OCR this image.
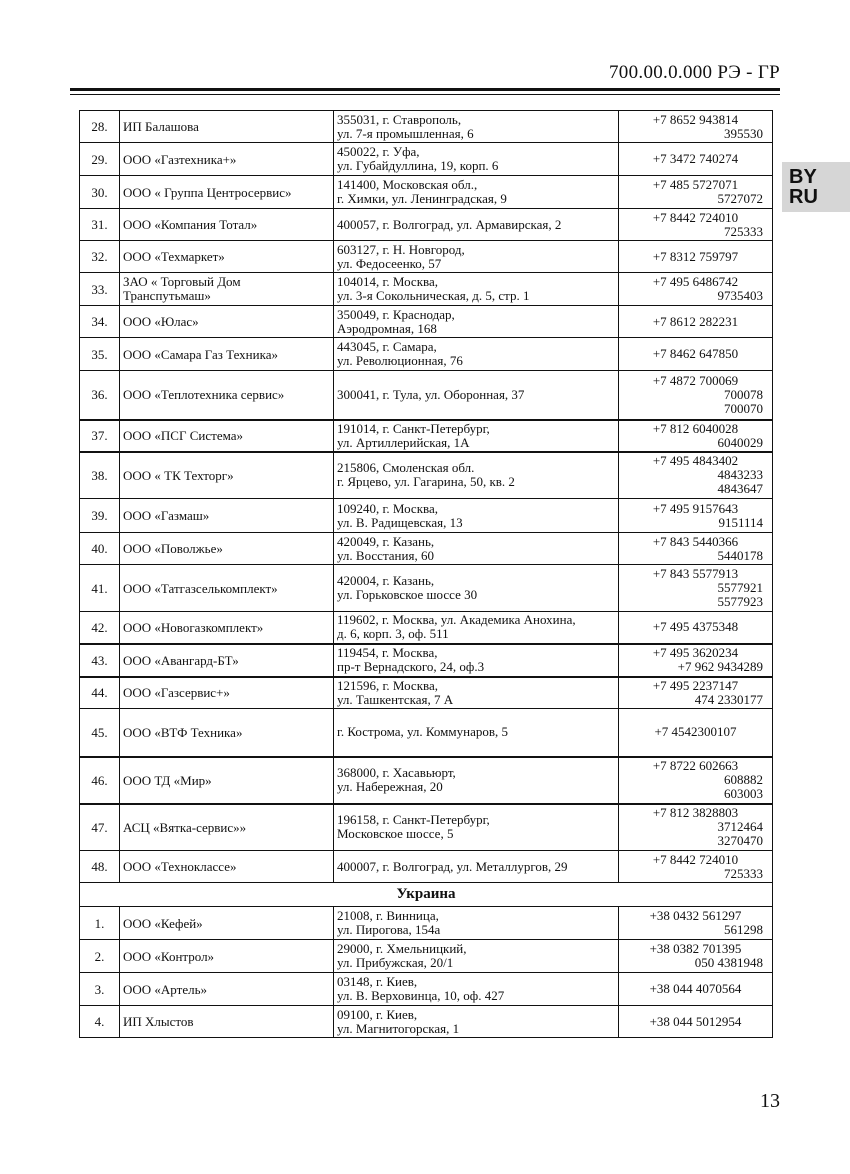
700.00.0.000 РЭ - ГР
BY
RU
28.	ИП Балашова	355031, г. Ставрополь,
ул. 7-я промышленная, 6	+7 8652 943814
395530

29.	ООО «Газтехника+»	450022, г. Уфа,
ул. Губайдуллина, 19, корп. 6	+7 3472 740274

30.	ООО « Группа Центросервис»	141400, Московская обл.,
г. Химки, ул. Ленинградская, 9	+7 485 5727071
5727072

31.	ООО «Компания Тотал»	400057, г. Волгоград, ул. Армавирская, 2	+7 8442 724010
725333

32.	ООО «Техмаркет»	603127, г. Н. Новгород,
ул. Федосеенко, 57	+7 8312 759797

33.	ЗАО « Торговый Дом
Транспутьмаш»	104014, г. Москва,
ул. 3-я Сокольническая, д. 5, стр. 1	+7 495 6486742
9735403

34.	ООО «Юлас»	350049, г. Краснодар,
Аэродромная, 168	+7 8612 282231

35.	ООО «Самара Газ Техника»	443045, г. Самара,
ул. Революционная, 76	+7 8462 647850

36.	ООО «Теплотехника сервис»	300041, г. Тула, ул. Оборонная, 37	+7 4872 700069
700078
700070

37.	ООО «ПСГ Система»	191014, г. Санкт-Петербург,
ул. Артиллерийская, 1А	+7 812 6040028
6040029

38.	ООО « ТК Техторг»	215806, Смоленская обл.
г. Ярцево, ул. Гагарина, 50, кв. 2	+7 495 4843402
4843233
4843647

39.	ООО «Газмаш»	109240, г. Москва,
ул. В. Радищевская, 13	+7 495 9157643
9151114

40.	ООО «Поволжье»	420049, г. Казань,
ул. Восстания, 60	+7 843 5440366
5440178

41.	ООО «Татгазселькомплект»	420004, г. Казань,
ул. Горьковское шоссе 30	+7 843 5577913
5577921
5577923

42.	ООО «Новогазкомплект»	119602, г. Москва, ул. Академика Анохина,
д. 6, корп. 3, оф. 511	+7 495 4375348

43.	ООО «Авангард-БТ»	119454, г. Москва,
пр-т Вернадского, 24, оф.3	+7 495 3620234
+7 962 9434289

44.	ООО «Газсервис+»	121596, г. Москва,
ул. Ташкентская, 7 А	+7 495 2237147
474 2330177

45.	ООО «ВТФ Техника»	г. Кострома, ул. Коммунаров, 5	+7 4542300107

46.	ООО ТД «Мир»	368000, г. Хасавьюрт,
ул. Набережная, 20	+7 8722 602663
608882
603003

47.	АСЦ «Вятка-сервис»»	196158, г. Санкт-Петербург,
Московское шоссе, 5	+7 812 3828803
3712464
3270470

48.	ООО «Техноклассе»	400007, г. Волгоград, ул. Металлургов, 29	+7 8442 724010
725333

Украина			
1.	ООО «Кефей»	21008, г. Винница,
ул. Пирогова, 154а	+38 0432 561297
561298

2.	ООО «Контрол»	29000, г. Хмельницкий,
ул. Прибужская, 20/1	+38 0382 701395
050 4381948

3.	ООО «Артель»	03148, г. Киев,
ул. В. Верховинца, 10, оф. 427	+38 044 4070564

4.	ИП Хлыстов	09100, г. Киев,
ул. Магнитогорская, 1	+38 044 5012954
13
